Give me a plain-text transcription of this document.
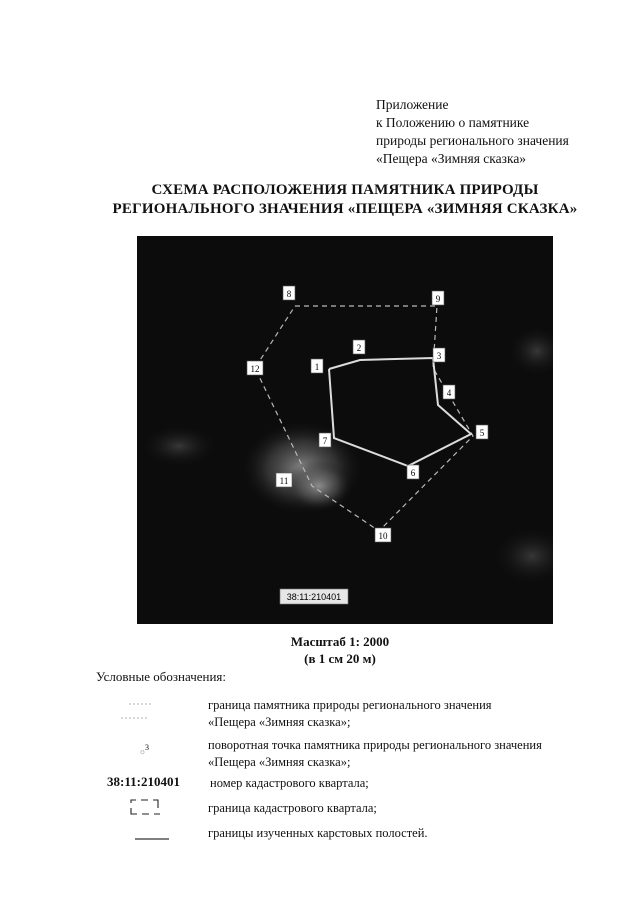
Приложение
к Положению о памятнике
природы регионального значения
«Пещера «Зимняя сказка»
СХЕМА РАСПОЛОЖЕНИЯ ПАМЯТНИКА ПРИРОДЫ
РЕГИОНАЛЬНОГО ЗНАЧЕНИЯ «ПЕЩЕРА «ЗИМНЯЯ СКАЗКА»
1
2
3
4
5
6
7
8	9
10
11
12
38:11:210401
Масштаб 1: 2000
(в 1 см 20 м)
Условные обозначения:
граница памятника природы регионального значения
«Пещера «Зимняя сказка»;
○$^3$	поворотная точка памятника природы регионального значения
«Пещера «Зимняя сказка»;
38:11:210401 номер кадастрового квартала;
граница кадастрового квартала;
границы изученных карстовых полостей.
